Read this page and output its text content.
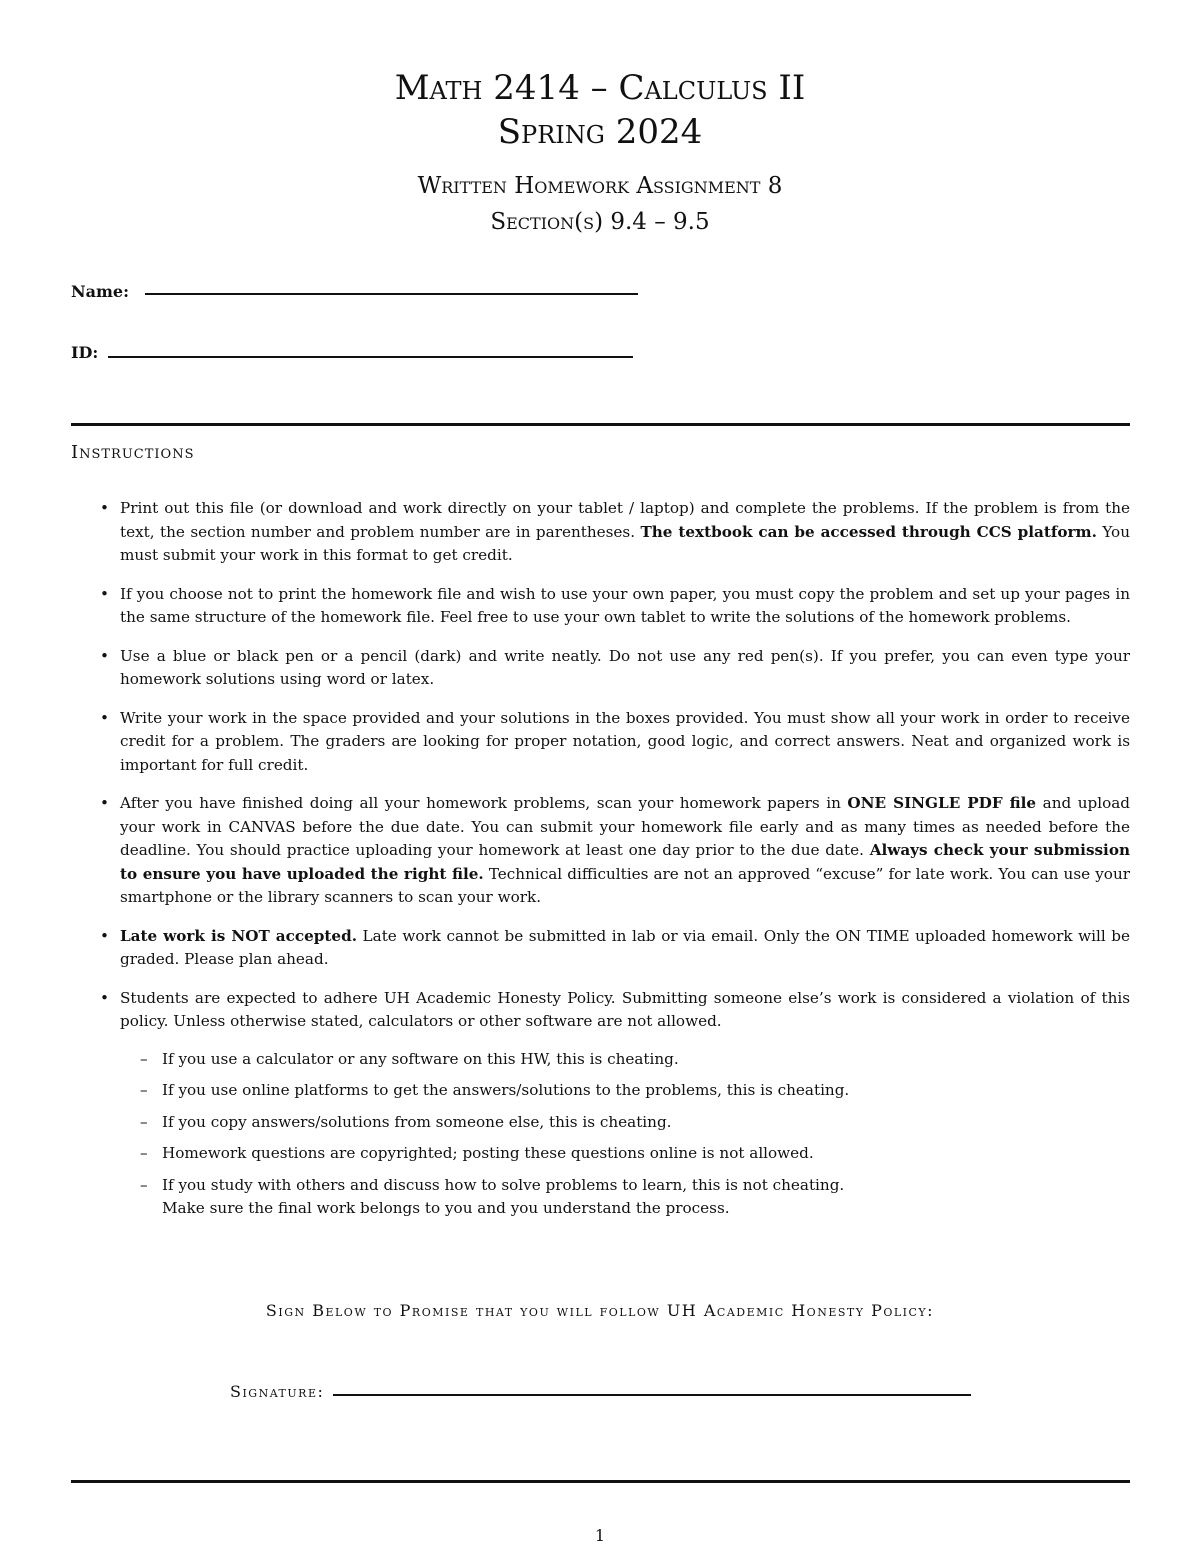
Math 2414 – Calculus II
Spring 2024
Written Homework Assignment 8
Section(s) 9.4 – 9.5
Name:
ID:
Instructions
• Print out this file (or download and work directly on your tablet / laptop) and complete the problems. If the problem is from the text, the section number and problem number are in parentheses. The textbook can be accessed through CCS platform. You must submit your work in this format to get credit.
• If you choose not to print the homework file and wish to use your own paper, you must copy the problem and set up your pages in the same structure of the homework file. Feel free to use your own tablet to write the solutions of the homework problems.
• Use a blue or black pen or a pencil (dark) and write neatly. Do not use any red pen(s). If you prefer, you can even type your homework solutions using word or latex.
• Write your work in the space provided and your solutions in the boxes provided. You must show all your work in order to receive credit for a problem. The graders are looking for proper notation, good logic, and correct answers. Neat and organized work is important for full credit.
• After you have finished doing all your homework problems, scan your homework papers in ONE SINGLE PDF file and upload your work in CANVAS before the due date. You can submit your homework file early and as many times as needed before the deadline. You should practice uploading your homework at least one day prior to the due date. Always check your submission to ensure you have uploaded the right file. Technical difficulties are not an approved “excuse” for late work. You can use your smartphone or the library scanners to scan your work.
• Late work is NOT accepted. Late work cannot be submitted in lab or via email. Only the ON TIME uploaded homework will be graded. Please plan ahead.
• Students are expected to adhere UH Academic Honesty Policy. Submitting someone else’s work is considered a violation of this policy. Unless otherwise stated, calculators or other software are not allowed.
– If you use a calculator or any software on this HW, this is cheating.
– If you use online platforms to get the answers/solutions to the problems, this is cheating.
– If you copy answers/solutions from someone else, this is cheating.
– Homework questions are copyrighted; posting these questions online is not allowed.
– If you study with others and discuss how to solve problems to learn, this is not cheating.
Make sure the final work belongs to you and you understand the process.
Sign Below to Promise that you will follow UH Academic Honesty Policy:
Signature:
1
